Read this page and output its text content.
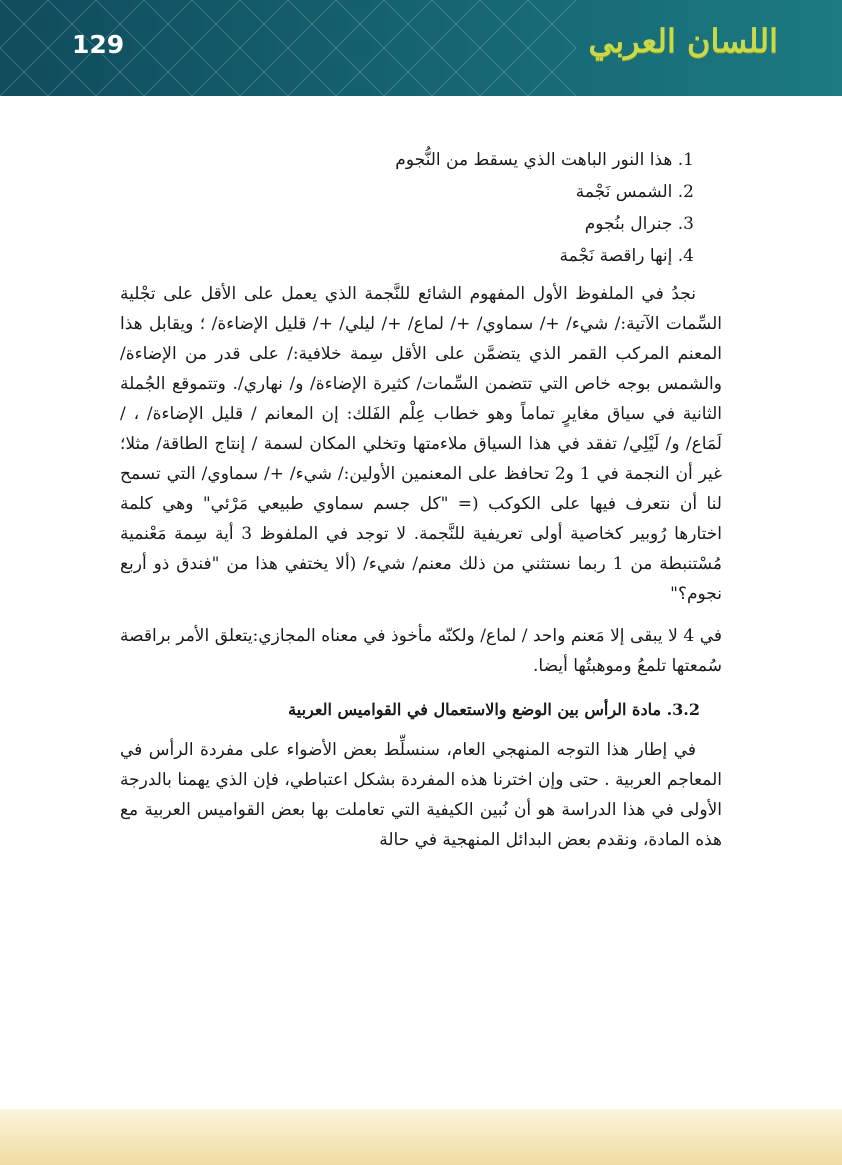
129	اللسان العربي
1. هذا النور الباهت الذي يسقط من النُّجوم
2. الشمس نَجْمة
3. جنرال بنُجوم
4. إنها راقصة نَجْمة

نجدُ في الملفوظ الأول المفهوم الشائع للنَّجمة الذي يعمل على الأقل على تجْلية السِّمات الآتية:/ شيء/ +/ سماوي/ +/ لماع/ +/ ليلي/ +/ قليل الإضاءة/ ؛ ويقابل هذا المعنم المركب القمر الذي يتضمَّن على الأقل سِمة خلافية:/ على قدر من الإضاءة/ والشمس بوجه خاص التي تتضمن السِّمات/ كثيرة الإضاءة/ و/ نهاري/. وتتموقع الجُملة الثانية في سياق مغايرٍ تماماً وهو خطاب عِلْم الفَلك: إن المعانم / قليل الإضاءة/ ، / لَمَاع/ و/ لَيْلِي/ تفقد في هذا السياق ملاءمتها وتخلي المكان لسمة / إنتاج الطاقة/ مثلا؛ غير أن النجمة في 1 و2 تحافظ على المعنمين الأولين:/ شيء/ +/ سماوي/ التي تسمح لنا أن نتعرف فيها على الكوكب (= "كل جسم سماوي طبيعي مَرْئي" وهي كلمة اختارها رُوبير كخاصية أولى تعريفية للنَّجمة. لا توجد في الملفوظ 3 أية سِمة مَعْنمية مُسْتنبطة من 1 ربما نستثني من ذلك معنم/ شيء/ (ألا يختفي هذا من "فندق ذو أربع نجوم؟"

في 4 لا يبقى إلا مَعنم واحد / لماع/ ولكنّه مأخوذ في معناه المجازي:يتعلق الأمر براقصة سُمعتها تلمعُ وموهبتُها أيضا.

3.2. مادة الرأس بين الوضع والاستعمال في القواميس العربية

في إطار هذا التوجه المنهجي العام، سنسلِّط بعض الأضواء على مفردة الرأس في المعاجم العربية . حتى وإن اخترنا هذه المفردة بشكل اعتباطي، فإن الذي يهمنا بالدرجة الأولى في هذا الدراسة هو أن نُبين الكيفية التي تعاملت بها بعض القواميس العربية مع هذه المادة، ونقدم بعض البدائل المنهجية في حالة
